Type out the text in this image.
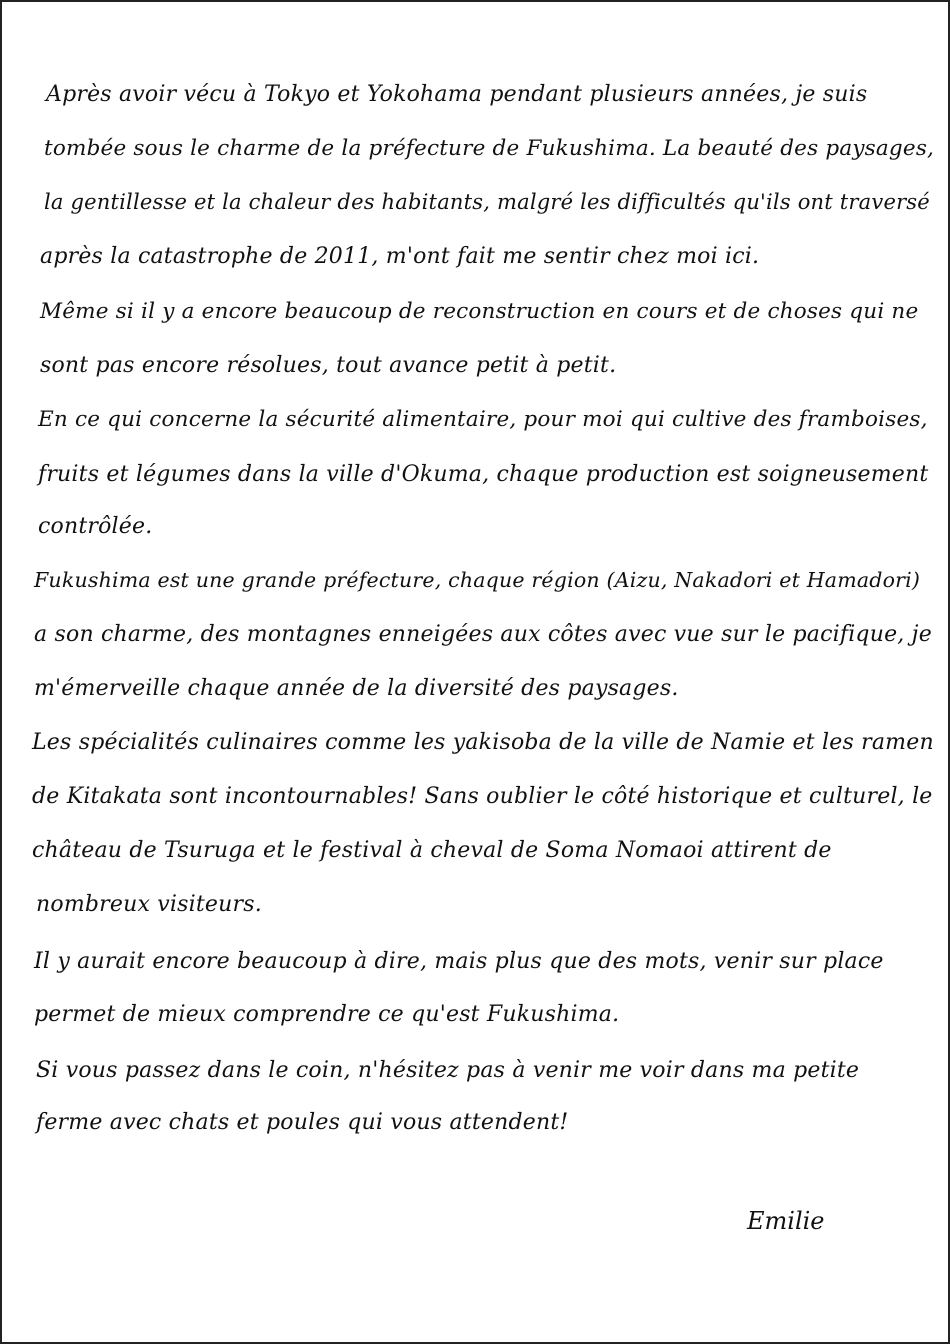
Après avoir vécu à Tokyo et Yokohama pendant plusieurs années, je suis
tombée sous le charme de la préfecture de Fukushima. La beauté des paysages,
la gentillesse et la chaleur des habitants, malgré les difficultés qu'ils ont traversé
après la catastrophe de 2011, m'ont fait me sentir chez moi ici.
Même si il y a encore beaucoup de reconstruction en cours et de choses qui ne
sont pas encore résolues, tout avance petit à petit.
En ce qui concerne la sécurité alimentaire, pour moi qui cultive des framboises,
fruits et légumes dans la ville d'Okuma, chaque production est soigneusement
contrôlée.
Fukushima est une grande préfecture, chaque région (Aizu, Nakadori et Hamadori)
a son charme, des montagnes enneigées aux côtes avec vue sur le pacifique, je
m'émerveille chaque année de la diversité des paysages.
Les spécialités culinaires comme les yakisoba de la ville de Namie et les ramen
de Kitakata sont incontournables! Sans oublier le côté historique et culturel, le
château de Tsuruga et le festival à cheval de Soma Nomaoi attirent de
nombreux visiteurs.
Il y aurait encore beaucoup à dire, mais plus que des mots, venir sur place
permet de mieux comprendre ce qu'est Fukushima.
Si vous passez dans le coin, n'hésitez pas à venir me voir dans ma petite
ferme avec chats et poules qui vous attendent!
Emilie
